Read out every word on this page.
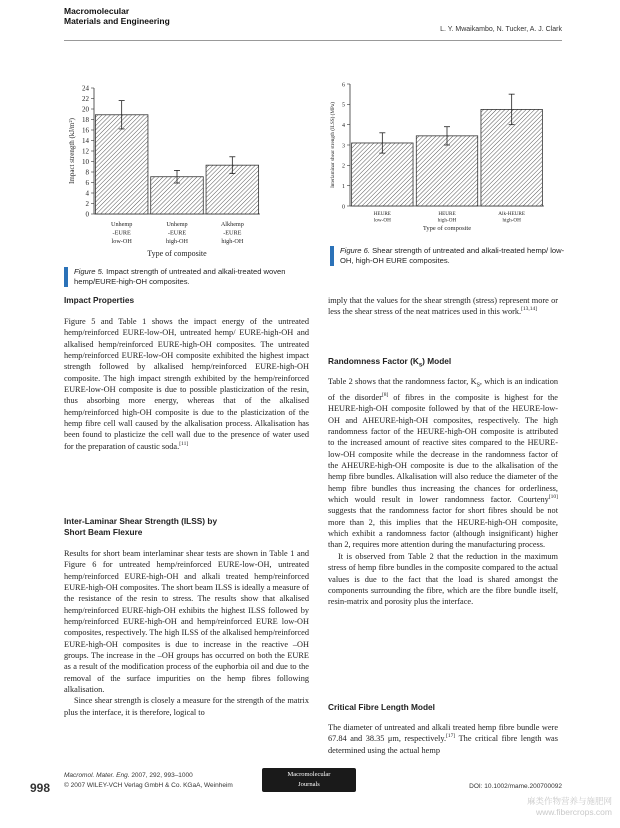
Macromolecular
Materials and Engineering
L. Y. Mwaikambo, N. Tucker, A. J. Clark
0
2
4
6
8
10
12
14
16
18
20
22
24
Unhemp
-EURE
low-OH
Unhemp
-EURE
high-OH
Alkhemp
-EURE
high-OH
Type of composite
Impact strength (kJ/m²)
Figure 5. Impact strength of untreated and alkali-treated woven hemp/EURE-high-OH composites.
0
1
2
3
4
5
6
HEURE
low-OH
HEURE
high-OH
Alk-HEURE
high-OH
Type of composite
Interlaminar shear strength (ILSS) (MPa)
Figure 6. Shear strength of untreated and alkali-treated hemp/ low-OH, high-OH EURE composites.
Impact Properties

Figure 5 and Table 1 shows the impact energy of the untreated hemp/reinforced EURE-low-OH, untreated hemp/ EURE-high-OH and alkalised hemp/reinforced EURE-high-OH composites. The untreated hemp/reinforced EURE-low-OH composite exhibited the highest impact strength followed by alkalised hemp/reinforced EURE-high-OH composite. The high impact strength exhibited by the hemp/reinforced EURE-low-OH composite is due to possible plasticization of the resin, thus absorbing more energy, whereas that of the alkalised hemp/reinforced high-OH composite is due to the plasticization of the hemp fibre cell wall caused by the alkalisation process. Alkalisation has been found to plasticize the cell wall due to the presence of water used for the preparation of caustic soda.[11]

Inter-Laminar Shear Strength (ILSS) by
Short Beam Flexure

Results for short beam interlaminar shear tests are shown in Table 1 and Figure 6 for untreated hemp/reinforced EURE-low-OH, untreated hemp/reinforced EURE-high-OH and alkali treated hemp/reinforced EURE-high-OH composites. The short beam ILSS is ideally a measure of the resistance of the resin to stress. The results show that alkalised hemp/reinforced EURE-high-OH exhibits the highest ILSS followed by hemp/reinforced EURE-high-OH and hemp/reinforced EURE low-OH composites, respectively. The high ILSS of the alkalised hemp/reinforced EURE-high-OH composites is due to increase in the reactive –OH groups. The increase in the –OH groups has occurred on both the EURE as a result of the modification process of the euphorbia oil and due to the removal of the surface impurities on the hemp fibres following alkalisation.

Since shear strength is closely a measure for the strength of the matrix plus the interface, it is therefore, logical to

imply that the values for the shear strength (stress) represent more or less the shear stress of the neat matrices used in this work.[13,14]

Randomness Factor $(K_s)$ Model

Table 2 shows that the randomness factor, $K_S$, which is an indication of the disorder[8] of fibres in the composite is highest for the HEURE-high-OH composite followed by that of the HEURE-low-OH and AHEURE-high-OH composites, respectively. The high randomness factor of the HEURE-high-OH composite is attributed to the increased amount of reactive sites compared to the HEURE-low-OH composite while the decrease in the randomness factor of the AHEURE-high-OH composite is due to the alkalisation of the hemp fibre bundles. Alkalisation will also reduce the diameter of the hemp fibre bundles thus increasing the chances for orderliness, which would result in lower randomness factor. Courteny[10] suggests that the randomness factor for short fibres should be not more than 2, this implies that the HEURE-high-OH composite, which exhibit a randomness factor (although insignificant) higher than 2, requires more attention during the manufacturing process.

It is observed from Table 2 that the reduction in the maximum stress of hemp fibre bundles in the composite compared to the actual values is due to the fact that the load is shared amongst the components surrounding the fibre, which are the fibre bundle itself, resin-matrix and porosity plus the interface.

Critical Fibre Length Model

The diameter of untreated and alkali treated hemp fibre bundle were 67.84 and 38.35 μm, respectively.[17] The critical fibre length was determined using the actual hemp

998
Macromol. Mater. Eng. 2007, 292, 993–1000
© 2007 WILEY-VCH Verlag GmbH & Co. KGaA, Weinheim
Macromolecular
Journals	DOI: 10.1002/mame.200700092
麻类作物营养与施肥网
www.fibercrops.com
